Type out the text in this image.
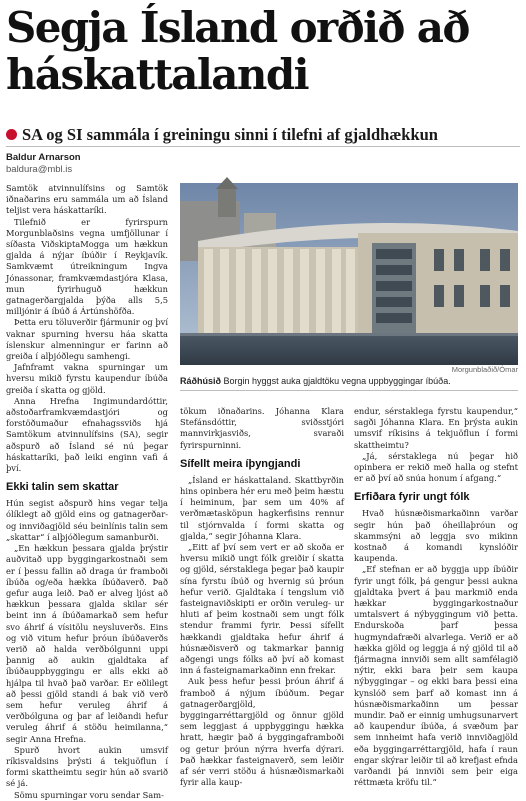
Segja Ísland orðið að háskattalandi
SA og SI sammála í greiningu sinni í tilefni af gjaldhækkun
Baldur Arnarson
baldura@mbl.is

Samtök atvinnulífsins og Samtök iðnaðarins eru sammála um að Ísland teljist vera háskattaríki.

Tilefnið er fyrirspurn Morgunblaðsins vegna umfjöllunar í síðasta ViðskiptaMogga um hækkun gjalda á nýjar íbúðir í Reykjavík. Samkvæmt útreikningum Ingva Jónassonar, framkvæmdastjóra Klasa, mun fyrirhuguð hækkun gatnagerðargjalda þýða alls 5,5 milljónir á íbúð á Ártúnshöfða.

Þetta eru töluverðir fjármunir og því vaknar spurning hversu háa skatta íslenskur almenningur er farinn að greiða í alþjóðlegu samhengi.

Jafnframt vakna spurningar um hversu mikið fyrstu kaupendur íbúða greiða í skatta og gjöld.

Anna Hrefna Ingimundardóttir, aðstoðarframkvæmdastjóri og forstöðumaður efnahagssviðs hjá Samtökum atvinnulífsins (SA), segir aðspurð að Ísland sé nú þegar háskattaríki, það leiki enginn vafi á því.

Ekki talin sem skattar

Hún segist aðspurð hins vegar telja ólíklegt að gjöld eins og gatnagerðar- og innviðagjöld séu beinlínis talin sem „skattar“ í alþjóðlegum samanburði.

„En hækkun þessara gjalda þrýstir auðvitað upp byggingarkostnaði sem er í þessu fallin að draga úr framboði íbúða og/eða hækka íbúðaverð. Það gefur auga leið. Það er alveg ljóst að hækkun þessara gjalda skilar sér beint inn á íbúðamarkað sem hefur svo áhrif á vísitölu neysluverðs. Eins og við vitum hefur þróun íbúðaverðs verið að halda verðbólgunni uppi þannig að aukin gjaldtaka af íbúðauppbyggingu er alls ekki að hjálpa til hvað það varðar. Er eðlilegt að þessi gjöld standi á bak við verð sem hefur veruleg áhrif á verðbólguna og þar af leiðandi hefur veruleg áhrif á stöðu heimilanna,“ segir Anna Hrefna.

Spurð hvort aukin umsvif ríkisvaldsins þrýsti á tekjuöflun í formi skattheimtu segir hún að svarið sé já.

Sömu spurningar voru sendar Sam-

Morgunblaðið/Ómar
Ráðhúsið Borgin hyggst auka gjaldtöku vegna uppbyggingar íbúða.

tökum iðnaðarins. Jóhanna Klara Stefánsdóttir, sviðsstjóri mannvirkjasviðs, svaraði fyrirspurninni.

Sífellt meira íþyngjandi

„Ísland er háskattaland. Skattbyrðin hins opinbera hér eru með þeim hæstu í heiminum, þar sem um 40% af verðmætasköpun hagkerfisins rennur til stjórnvalda í formi skatta og gjalda,“ segir Jóhanna Klara.

„Eitt af því sem vert er að skoða er hversu mikið ungt fólk greiðir í skatta og gjöld, sérstaklega þegar það kaupir sína fyrstu íbúð og hvernig sú þróun hefur verið. Gjaldtaka í tengslum við fasteignaviðskipti er orðin veruleg- ur hluti af þeim kostnaði sem ungt fólk stendur frammi fyrir. Þessi sífellt hækkandi gjaldtaka hefur áhrif á húsnæðisverð og takmarkar þannig aðgengi ungs fólks að því að komast inn á fasteignamarkaðinn enn frekar.

Auk þess hefur þessi þróun áhrif á framboð á nýjum íbúðum. Þegar gatnagerðargjöld, byggingarréttargjöld og önnur gjöld sem leggjast á uppbyggingu hækka hratt, hægir það á byggingaframboði og getur þróun nýrra hverfa dýrari. Það hækkar fasteignaverð, sem leiðir af sér verri stöðu á húsnæðismarkaði fyrir alla kaup-

endur, sérstaklega fyrstu kaupendur,“ sagði Jóhanna Klara. En þrýsta aukin umsvif ríkisins á tekjuöflun í formi skattheimtu?

„Já, sérstaklega nú þegar hið opinbera er rekið með halla og stefnt er að því að snúa honum í afgang.“

Erfiðara fyrir ungt fólk

Hvað húsnæðismarkaðinn varðar segir hún það óheillaþróun og skammsýni að leggja svo mikinn kostnað á komandi kynslóðir kaupenda.

„Ef stefnan er að byggja upp íbúðir fyrir ungt fólk, þá gengur þessi aukna gjaldtaka þvert á þau markmið enda hækkar byggingarkostnaður umtalsvert á nýbyggingum við þetta. Endurskoða þarf þessa hugmyndafræði alvarlega. Verið er að hækka gjöld og leggja á ný gjöld til að fjármagna innviði sem allt samfélagið nýtir, ekki bara þeir sem kaupa nýbyggingar – og ekki bara þessi eina kynslóð sem þarf að komast inn á húsnæðismarkaðinn um þessar mundir. Það er einnig umhugsunarvert að kaupendur íbúða, á svæðum þar sem innheimt hafa verið innviðagjöld eða byggingarréttargjöld, hafa í raun engar skýrar leiðir til að krefjast efnda varðandi þá innviði sem þeir eiga réttmæta kröfu til.“
